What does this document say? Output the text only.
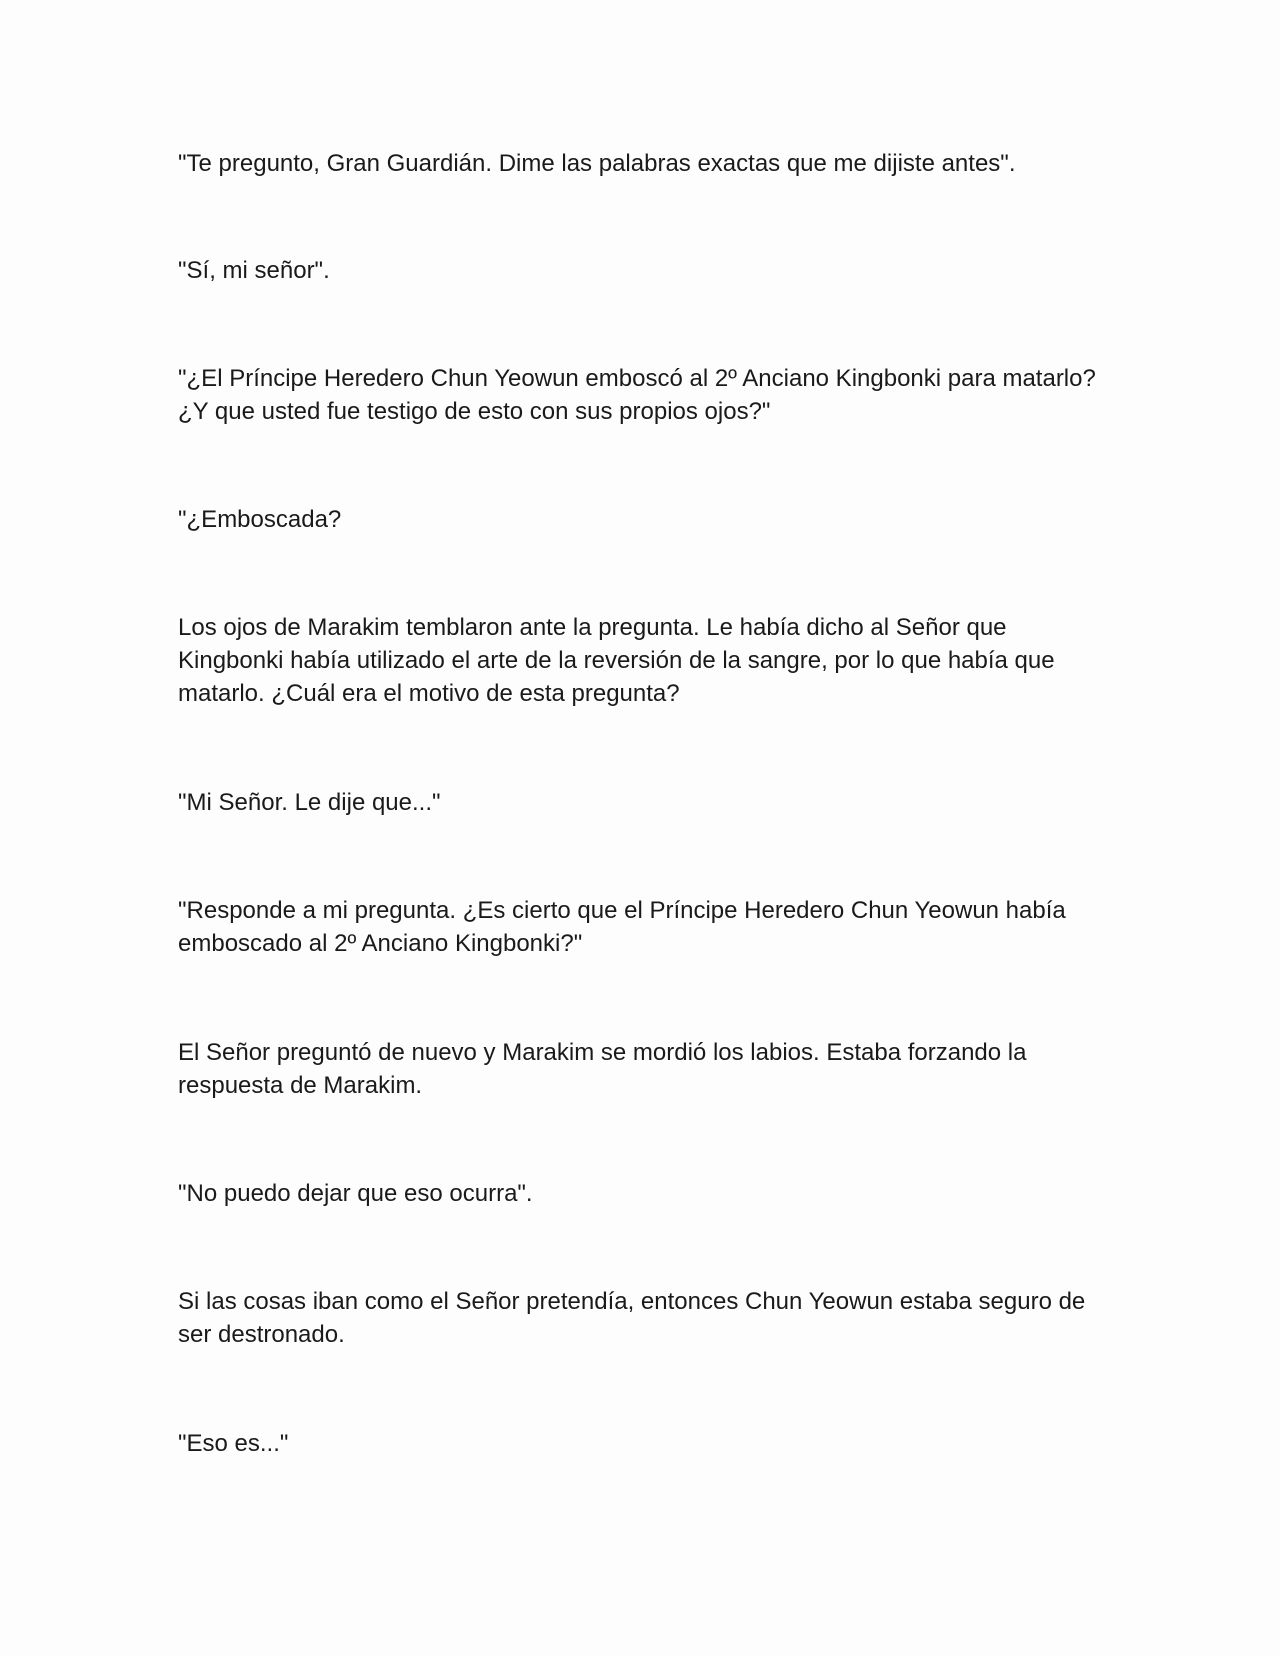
"Te pregunto, Gran Guardián. Dime las palabras exactas que me dijiste antes".

"Sí, mi señor".

"¿El Príncipe Heredero Chun Yeowun emboscó al 2º Anciano Kingbonki para matarlo? ¿Y que usted fue testigo de esto con sus propios ojos?"

"¿Emboscada?

Los ojos de Marakim temblaron ante la pregunta. Le había dicho al Señor que Kingbonki había utilizado el arte de la reversión de la sangre, por lo que había que matarlo. ¿Cuál era el motivo de esta pregunta?

"Mi Señor. Le dije que..."

"Responde a mi pregunta. ¿Es cierto que el Príncipe Heredero Chun Yeowun había emboscado al 2º Anciano Kingbonki?"

El Señor preguntó de nuevo y Marakim se mordió los labios. Estaba forzando la respuesta de Marakim.

"No puedo dejar que eso ocurra".

Si las cosas iban como el Señor pretendía, entonces Chun Yeowun estaba seguro de ser destronado.

"Eso es..."
